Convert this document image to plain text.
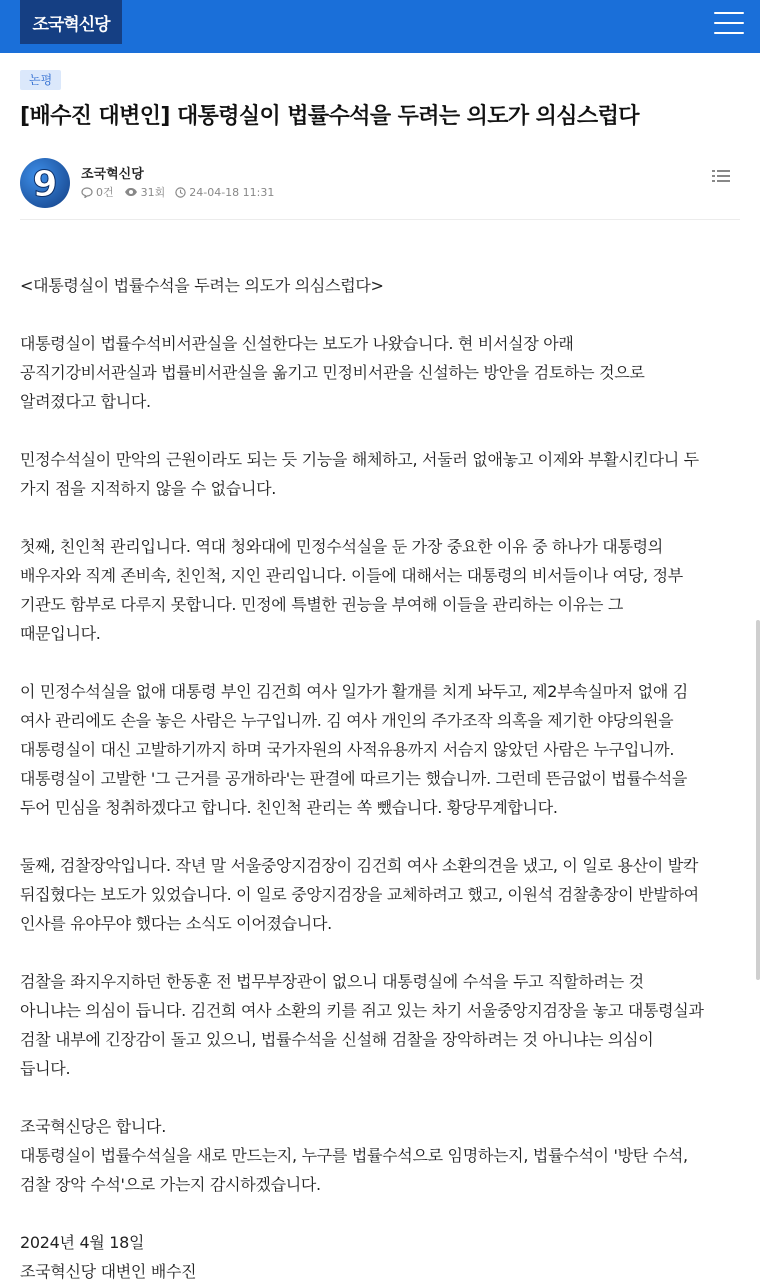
조국혁신당
논평
[배수진 대변인] 대통령실이 법률수석을 두려는 의도가 의심스럽다
9 조국혁신당
0건 31회 24-04-18 11:31

<대통령실이 법률수석을 두려는 의도가 의심스럽다>

대통령실이 법률수석비서관실을 신설한다는 보도가 나왔습니다. 현 비서실장 아래
공직기강비서관실과 법률비서관실을 옮기고 민정비서관을 신설하는 방안을 검토하는 것으로
알려졌다고 합니다.

민정수석실이 만악의 근원이라도 되는 듯 기능을 해체하고, 서둘러 없애놓고 이제와 부활시킨다니 두
가지 점을 지적하지 않을 수 없습니다.

첫째, 친인척 관리입니다. 역대 청와대에 민정수석실을 둔 가장 중요한 이유 중 하나가 대통령의
배우자와 직계 존비속, 친인척, 지인 관리입니다. 이들에 대해서는 대통령의 비서들이나 여당, 정부
기관도 함부로 다루지 못합니다. 민정에 특별한 권능을 부여해 이들을 관리하는 이유는 그
때문입니다.

이 민정수석실을 없애 대통령 부인 김건희 여사 일가가 활개를 치게 놔두고, 제2부속실마저 없애 김
여사 관리에도 손을 놓은 사람은 누구입니까. 김 여사 개인의 주가조작 의혹을 제기한 야당의원을
대통령실이 대신 고발하기까지 하며 국가자원의 사적유용까지 서슴지 않았던 사람은 누구입니까.
대통령실이 고발한 '그 근거를 공개하라'는 판결에 따르기는 했습니까. 그런데 뜬금없이 법률수석을
두어 민심을 청취하겠다고 합니다. 친인척 관리는 쏙 뺐습니다. 황당무계합니다.

둘째, 검찰장악입니다. 작년 말 서울중앙지검장이 김건희 여사 소환의견을 냈고, 이 일로 용산이 발칵
뒤집혔다는 보도가 있었습니다. 이 일로 중앙지검장을 교체하려고 했고, 이원석 검찰총장이 반발하여
인사를 유야무야 했다는 소식도 이어졌습니다.

검찰을 좌지우지하던 한동훈 전 법무부장관이 없으니 대통령실에 수석을 두고 직할하려는 것
아니냐는 의심이 듭니다. 김건희 여사 소환의 키를 쥐고 있는 차기 서울중앙지검장을 놓고 대통령실과
검찰 내부에 긴장감이 돌고 있으니, 법률수석을 신설해 검찰을 장악하려는 것 아니냐는 의심이
듭니다.

조국혁신당은 합니다.
대통령실이 법률수석실을 새로 만드는지, 누구를 법률수석으로 임명하는지, 법률수석이 '방탄 수석,
검찰 장악 수석'으로 가는지 감시하겠습니다.

2024년 4월 18일
조국혁신당 대변인 배수진
